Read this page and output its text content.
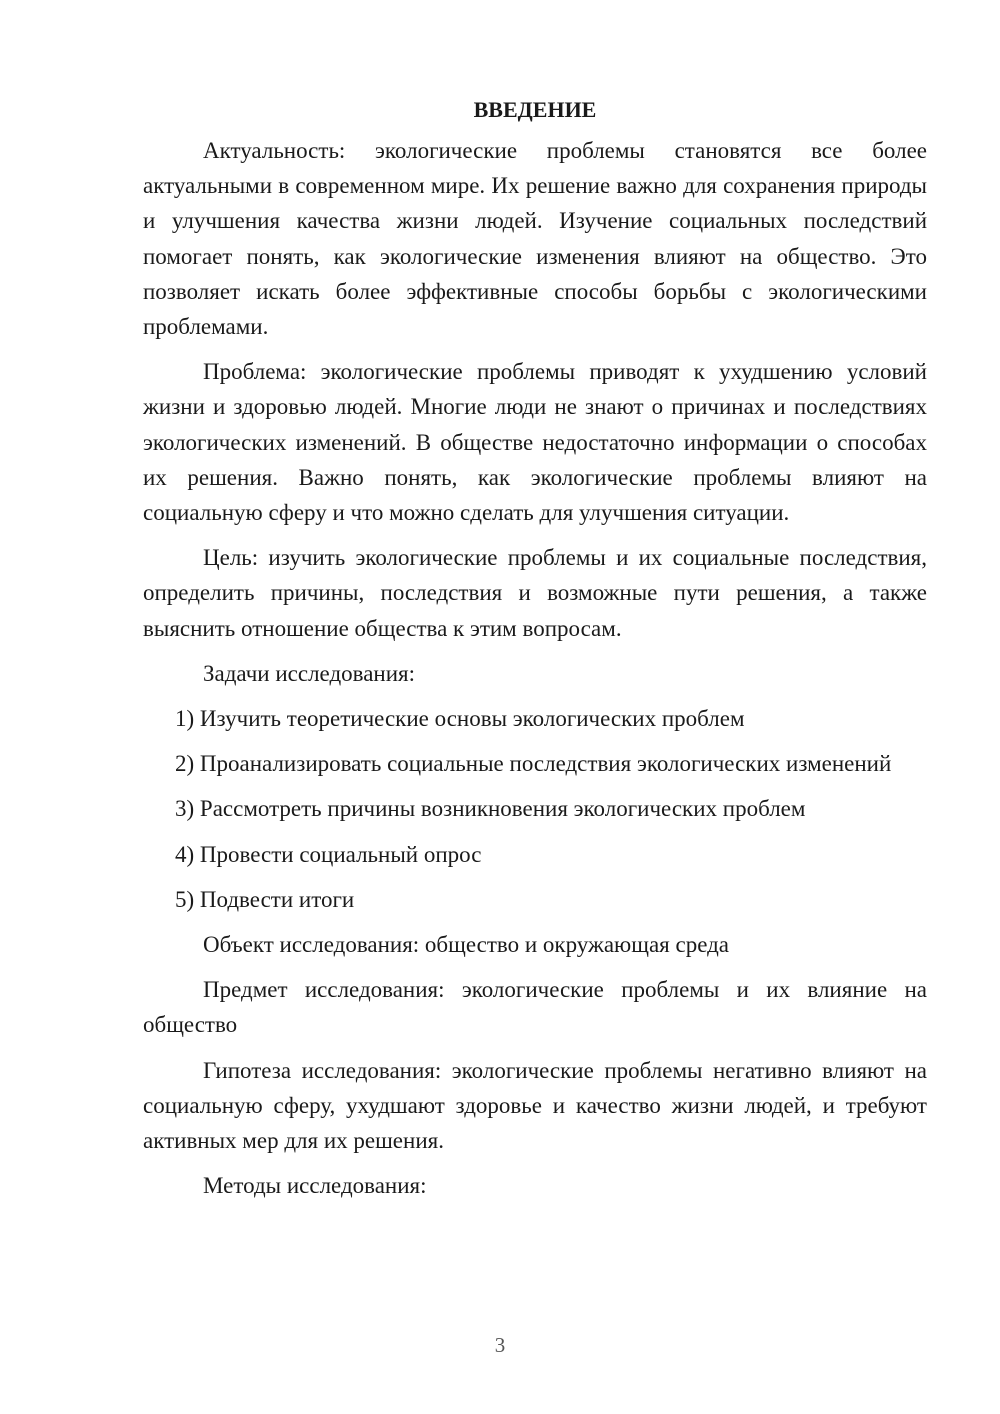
ВВЕДЕНИЕ

Актуальность: экологические проблемы становятся все более актуальными в современном мире. Их решение важно для сохранения природы и улучшения качества жизни людей. Изучение социальных последствий помогает понять, как экологические изменения влияют на общество. Это позволяет искать более эффективные способы борьбы с экологическими проблемами.

Проблема: экологические проблемы приводят к ухудшению условий жизни и здоровью людей. Многие люди не знают о причинах и последствиях экологических изменений. В обществе недостаточно информации о способах их решения. Важно понять, как экологические проблемы влияют на социальную сферу и что можно сделать для улучшения ситуации.

Цель: изучить экологические проблемы и их социальные последствия, определить причины, последствия и возможные пути решения, а также выяснить отношение общества к этим вопросам.

Задачи исследования:

1) Изучить теоретические основы экологических проблем

2) Проанализировать социальные последствия экологических изменений

3) Рассмотреть причины возникновения экологических проблем

4) Провести социальный опрос

5) Подвести итоги

Объект исследования: общество и окружающая среда

Предмет исследования: экологические проблемы и их влияние на общество

Гипотеза исследования: экологические проблемы негативно влияют на социальную сферу, ухудшают здоровье и качество жизни людей, и требуют активных мер для их решения.

Методы исследования:

3
